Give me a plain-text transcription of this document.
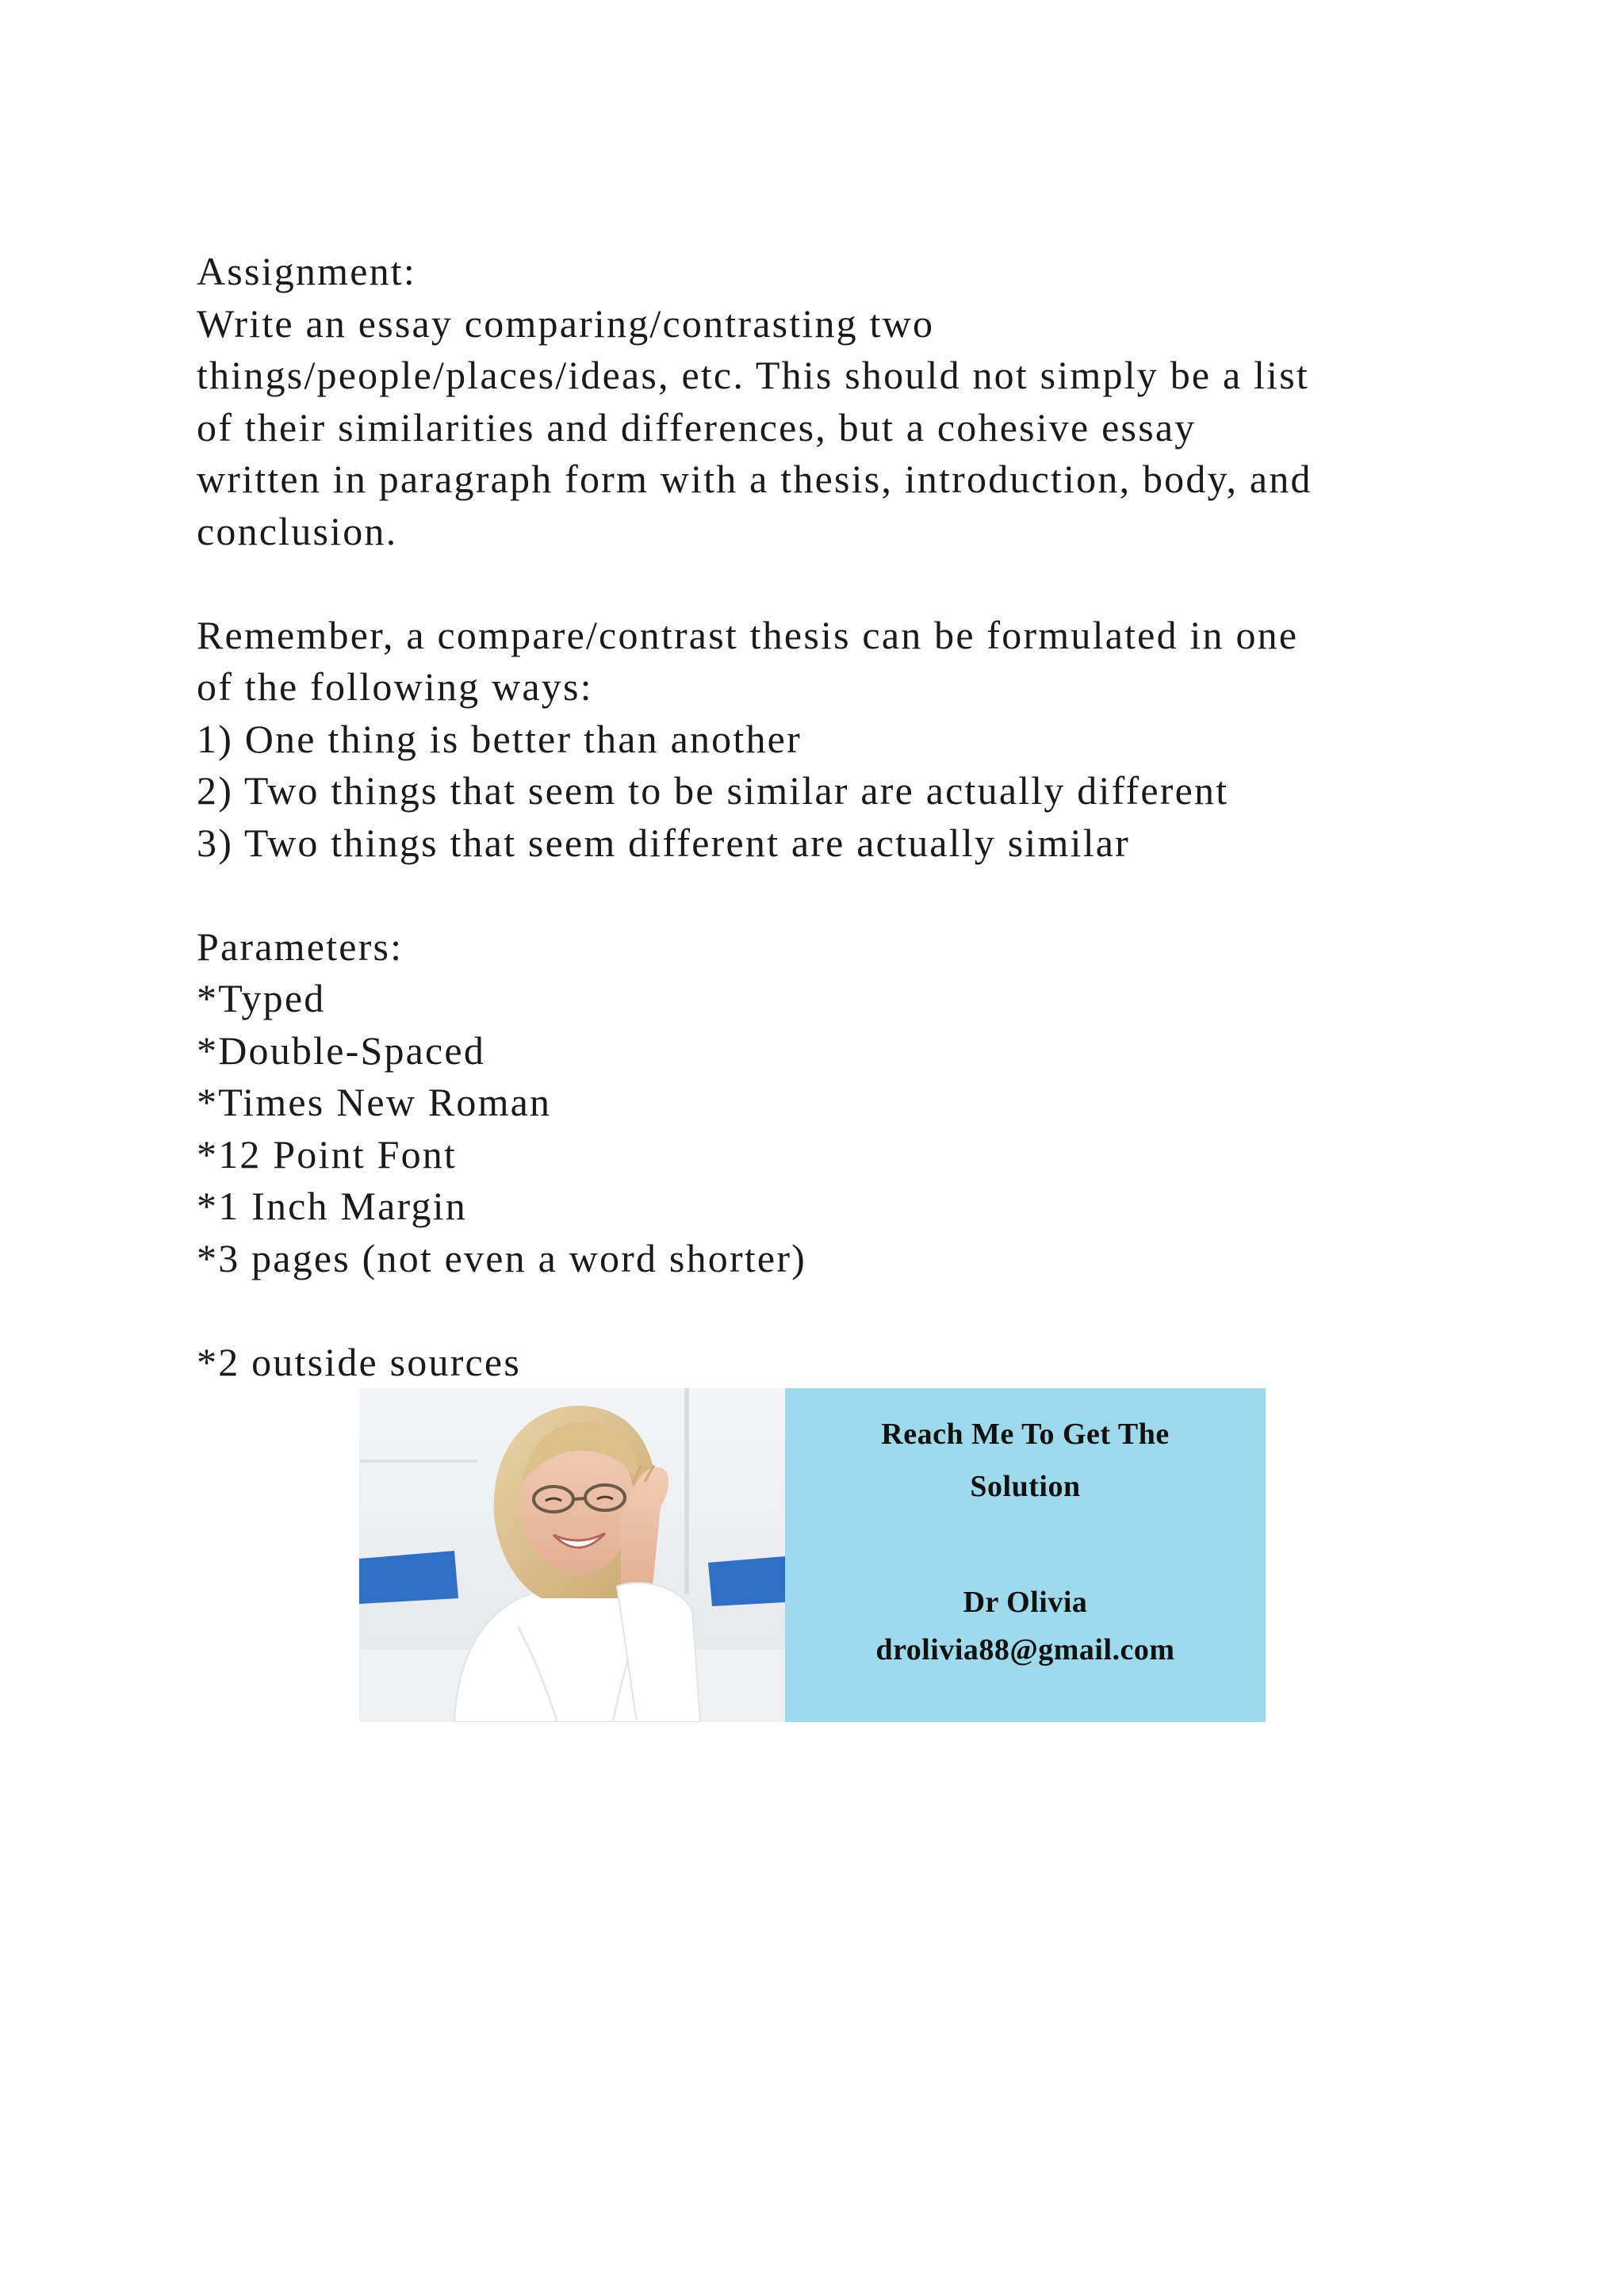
Assignment:
Write an essay comparing/contrasting two
things/people/places/ideas, etc. This should not simply be a list
of their similarities and differences, but a cohesive essay
written in paragraph form with a thesis, introduction, body, and
conclusion.
Remember, a compare/contrast thesis can be formulated in one
of the following ways:
1) One thing is better than another
2) Two things that seem to be similar are actually different
3) Two things that seem different are actually similar
Parameters:
*Typed
*Double-Spaced
*Times New Roman
*12 Point Font
*1 Inch Margin
*3 pages (not even a word shorter)
*2 outside sources
Reach Me To Get The
Solution
Dr Olivia
drolivia88@gmail.com
